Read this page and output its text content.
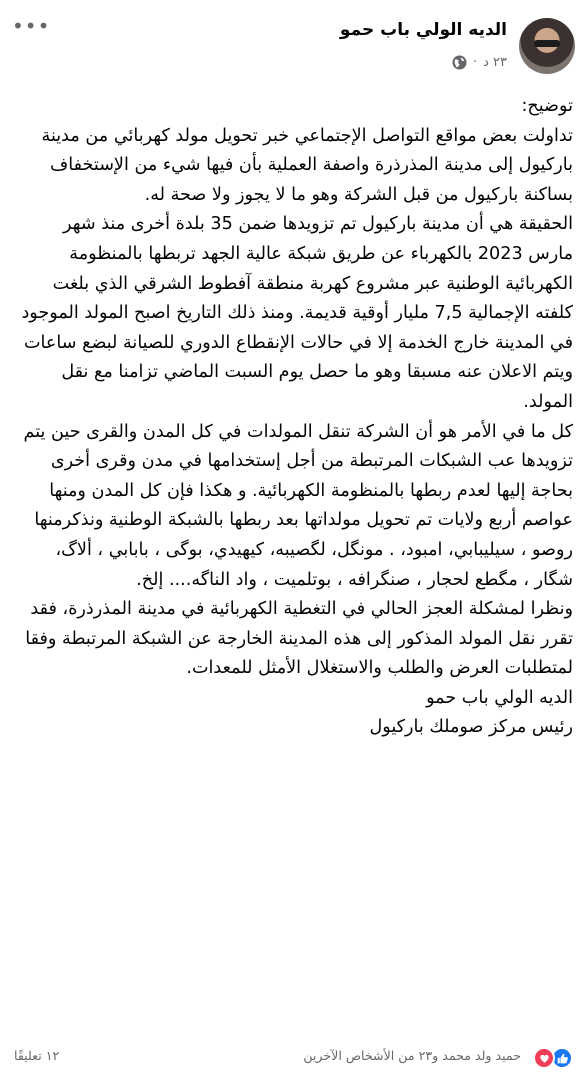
الديه الولي باب حمو
٢٣ د
·
•••

توضيح:

تداولت بعض مواقع التواصل الإجتماعي خبر تحويل مولد كهربائي من مدينة باركيول إلى مدينة المذرذرة واصفة العملية بأن فيها شيء من الإستخفاف بساكنة باركيول من قبل الشركة وهو ما لا يجوز ولا صحة له.

الحقيقة هي أن مدينة باركيول تم تزويدها ضمن 35 بلدة أخرى منذ شهر مارس 2023 بالكهرباء عن طريق شبكة عالية الجهد تربطها بالمنظومة الكهربائية الوطنية عبر مشروع كهربة منطقة آفطوط الشرقي الذي بلغت كلفته الإجمالية 7,5 مليار أوقية قديمة. ومنذ ذلك التاريخ اصبح المولد الموجود في المدينة خارج الخدمة إلا في حالات الإنقطاع الدوري للصيانة لبضع ساعات ويتم الاعلان عنه مسبقا وهو ما حصل يوم السبت الماضي تزامنا مع نقل المولد.

كل ما في الأمر هو أن الشركة تنقل المولدات في كل المدن والقرى حين يتم تزويدها عب الشبكات المرتبطة من أجل إستخدامها في مدن وقرى أخرى بحاجة إليها لعدم ربطها بالمنظومة الكهربائية. و هكذا فإن كل المدن ومنها عواصم أربع ولايات تم تحويل مولداتها بعد ربطها بالشبكة الوطنية ونذكرمنها روصو ، سيليبابي، امبود، . مونگل، لگصيبه، كيهيدي، بوگی ، بابابي ، ألاگ، شگار ، مگطع لحجار ، صنگرافه ، بوتلميت ، واد الناگه.... إلخ.

ونظرا لمشكلة العجز الحالي في التغطية الكهربائية في مدينة المذرذرة، فقد تقرر نقل المولد المذكور إلى هذه المدينة الخارجة عن الشبكة المرتبطة وفقا لمتطلبات العرض والطلب والاستغلال الأمثل للمعدات.

الديه الولي باب حمو

رئيس مركز صوملك باركيول

حميد ولد محمد و٢٣ من الأشخاص الآخرين
١٢ تعليقًا
